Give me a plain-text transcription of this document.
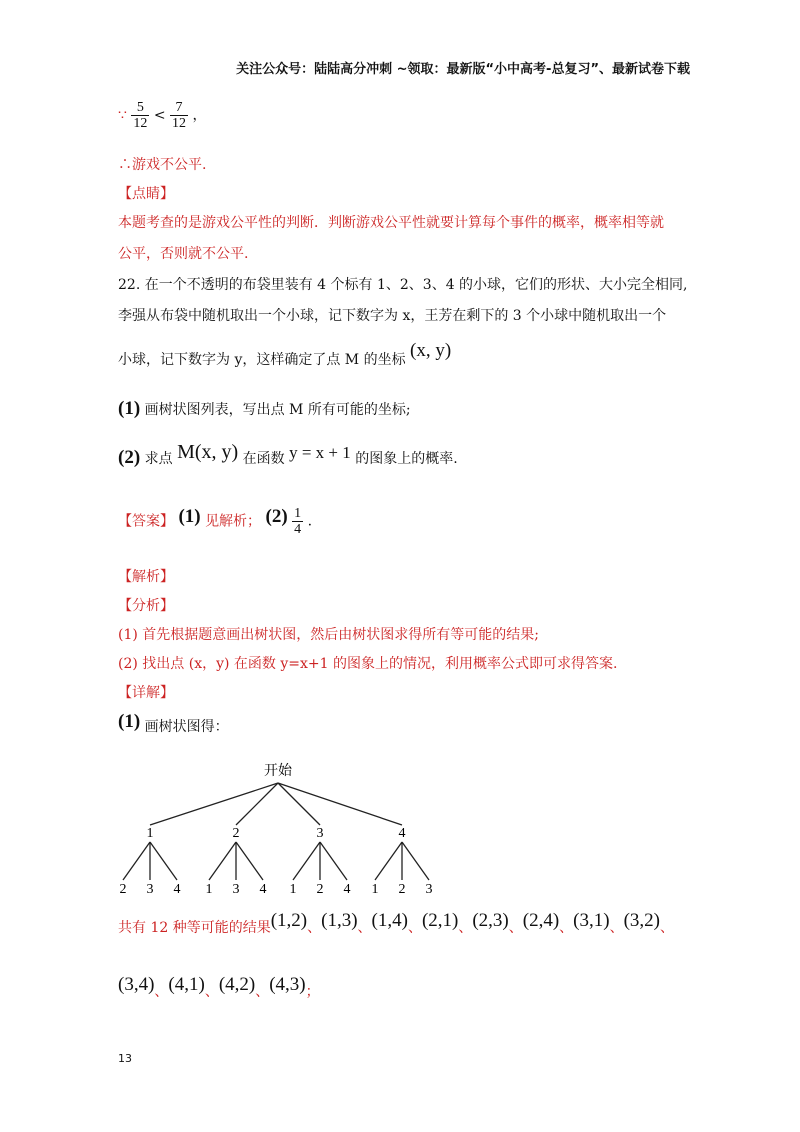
关注公众号：陆陆高分冲刺 ~领取：最新版“小中高考-总复习”、最新试卷下载
∵ $\frac{5}{12} < \frac{7}{12}$ ，
∴游戏不公平.
【点睛】
本题考查的是游戏公平性的判断．判断游戏公平性就要计算每个事件的概率，概率相等就
公平，否则就不公平.
22. 在一个不透明的布袋里装有 4 个标有 1、2、3、4 的小球，它们的形状、大小完全相同,
李强从布袋中随机取出一个小球，记下数字为 x，王芳在剩下的 3 个小球中随机取出一个
小球，记下数字为 y，这样确定了点 M 的坐标 (x, y)
(1) 画树状图列表，写出点 M 所有可能的坐标;
(2) 求点 M(x, y) 在函数 y = x + 1 的图象上的概率.
【答案】 (1) 见解析； $(2) \frac{1}{4}$ .
【解析】
【分析】
(1) 首先根据题意画出树状图，然后由树状图求得所有等可能的结果;
(2) 找出点 (x，y) 在函数 y=x+1 的图象上的情况，利用概率公式即可求得答案.
【详解】
(1) 画树状图得：
开始
1
2 3 4
2
1 3 4
3
1 2 4
4
1 2 3
共有 12 种等可能的结果(1,2)、(1,3)、(1,4)、(2,1)、(2,3)、(2,4)、(3,1)、(3,2)、
(3,4)、(4,1)、(4,2)、(4,3)；
13
